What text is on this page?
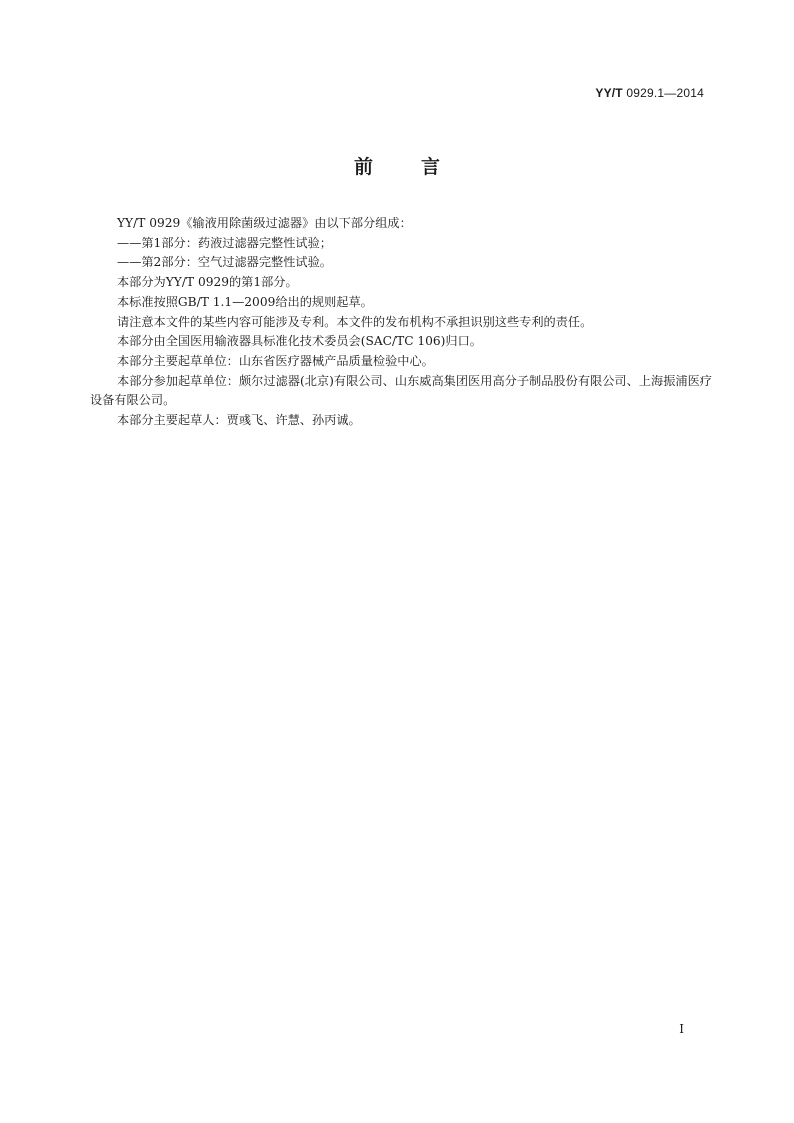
YY/T 0929.1—2014
前言

YY/T 0929《输液用除菌级过滤器》由以下部分组成：

——第1部分：药液过滤器完整性试验；

——第2部分：空气过滤器完整性试验。

本部分为YY/T 0929的第1部分。

本标准按照GB/T 1.1—2009给出的规则起草。

请注意本文件的某些内容可能涉及专利。本文件的发布机构不承担识别这些专利的责任。

本部分由全国医用输液器具标准化技术委员会(SAC/TC 106)归口。

本部分主要起草单位：山东省医疗器械产品质量检验中心。

本部分参加起草单位：颇尔过滤器(北京)有限公司、山东威高集团医用高分子制品股份有限公司、上海振浦医疗设备有限公司。

本部分主要起草人：贾彧飞、许慧、孙丙诚。

I
